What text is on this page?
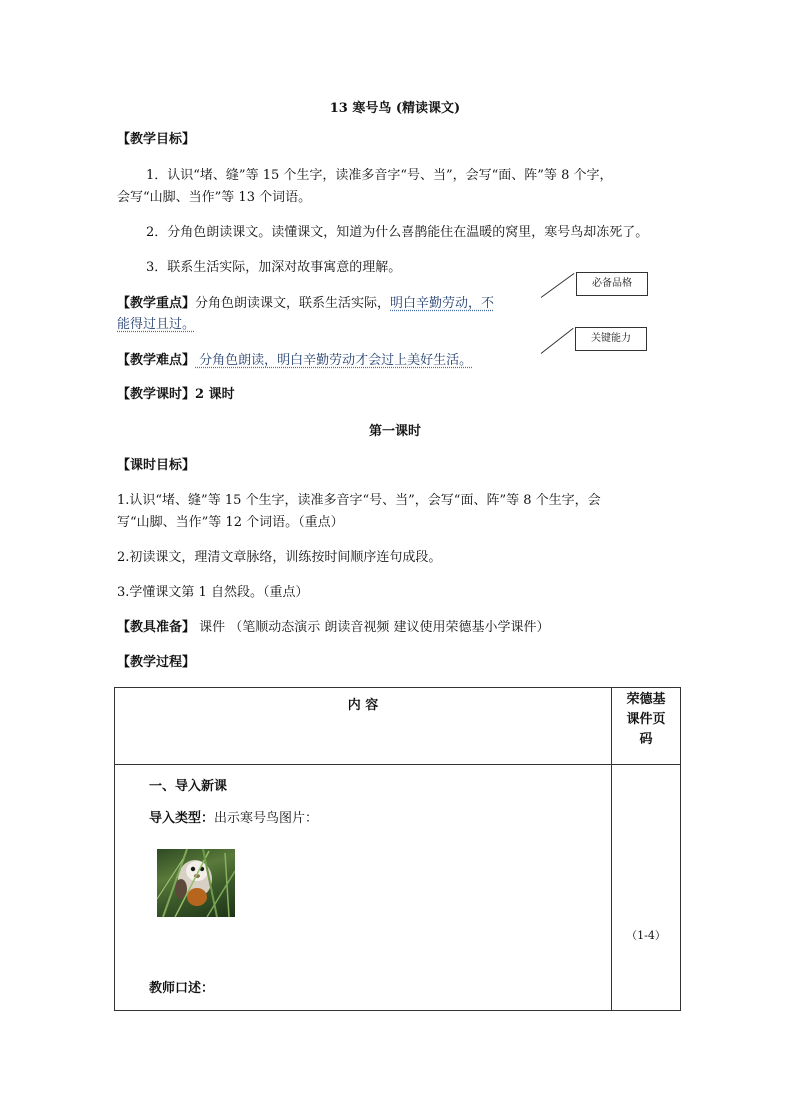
13 寒号鸟 (精读课文)
【教学目标】
1．认识“堵、缝”等 15 个生字，读准多音字“号、当”，会写“面、阵”等 8 个字，
会写“山脚、当作”等 13 个词语。
2．分角色朗读课文。读懂课文，知道为什么喜鹊能住在温暖的窝里，寒号鸟却冻死了。
3．联系生活实际，加深对故事寓意的理解。
【教学重点】分角色朗读课文，联系生活实际，明白辛勤劳动，不
能得过且过。
【教学难点】 分角色朗读，明白辛勤劳动才会过上美好生活。
【教学课时】2 课时
第一课时
【课时目标】
1.认识“堵、缝”等 15 个生字，读准多音字“号、当”，会写“面、阵”等 8 个生字，会
写“山脚、当作”等 12 个词语。（重点）
2.初读课文，理清文章脉络，训练按时间顺序连句成段。
3.学懂课文第 1 自然段。（重点）
【教具准备】 课件 （笔顺动态演示 朗读音视频 建议使用荣德基小学课件）
【教学过程】
必备品格
关键能力
内 容	荣德基
课件页
码

一、导入新课
导入类型：出示寒号鸟图片：
教师口述：	（1-4）
